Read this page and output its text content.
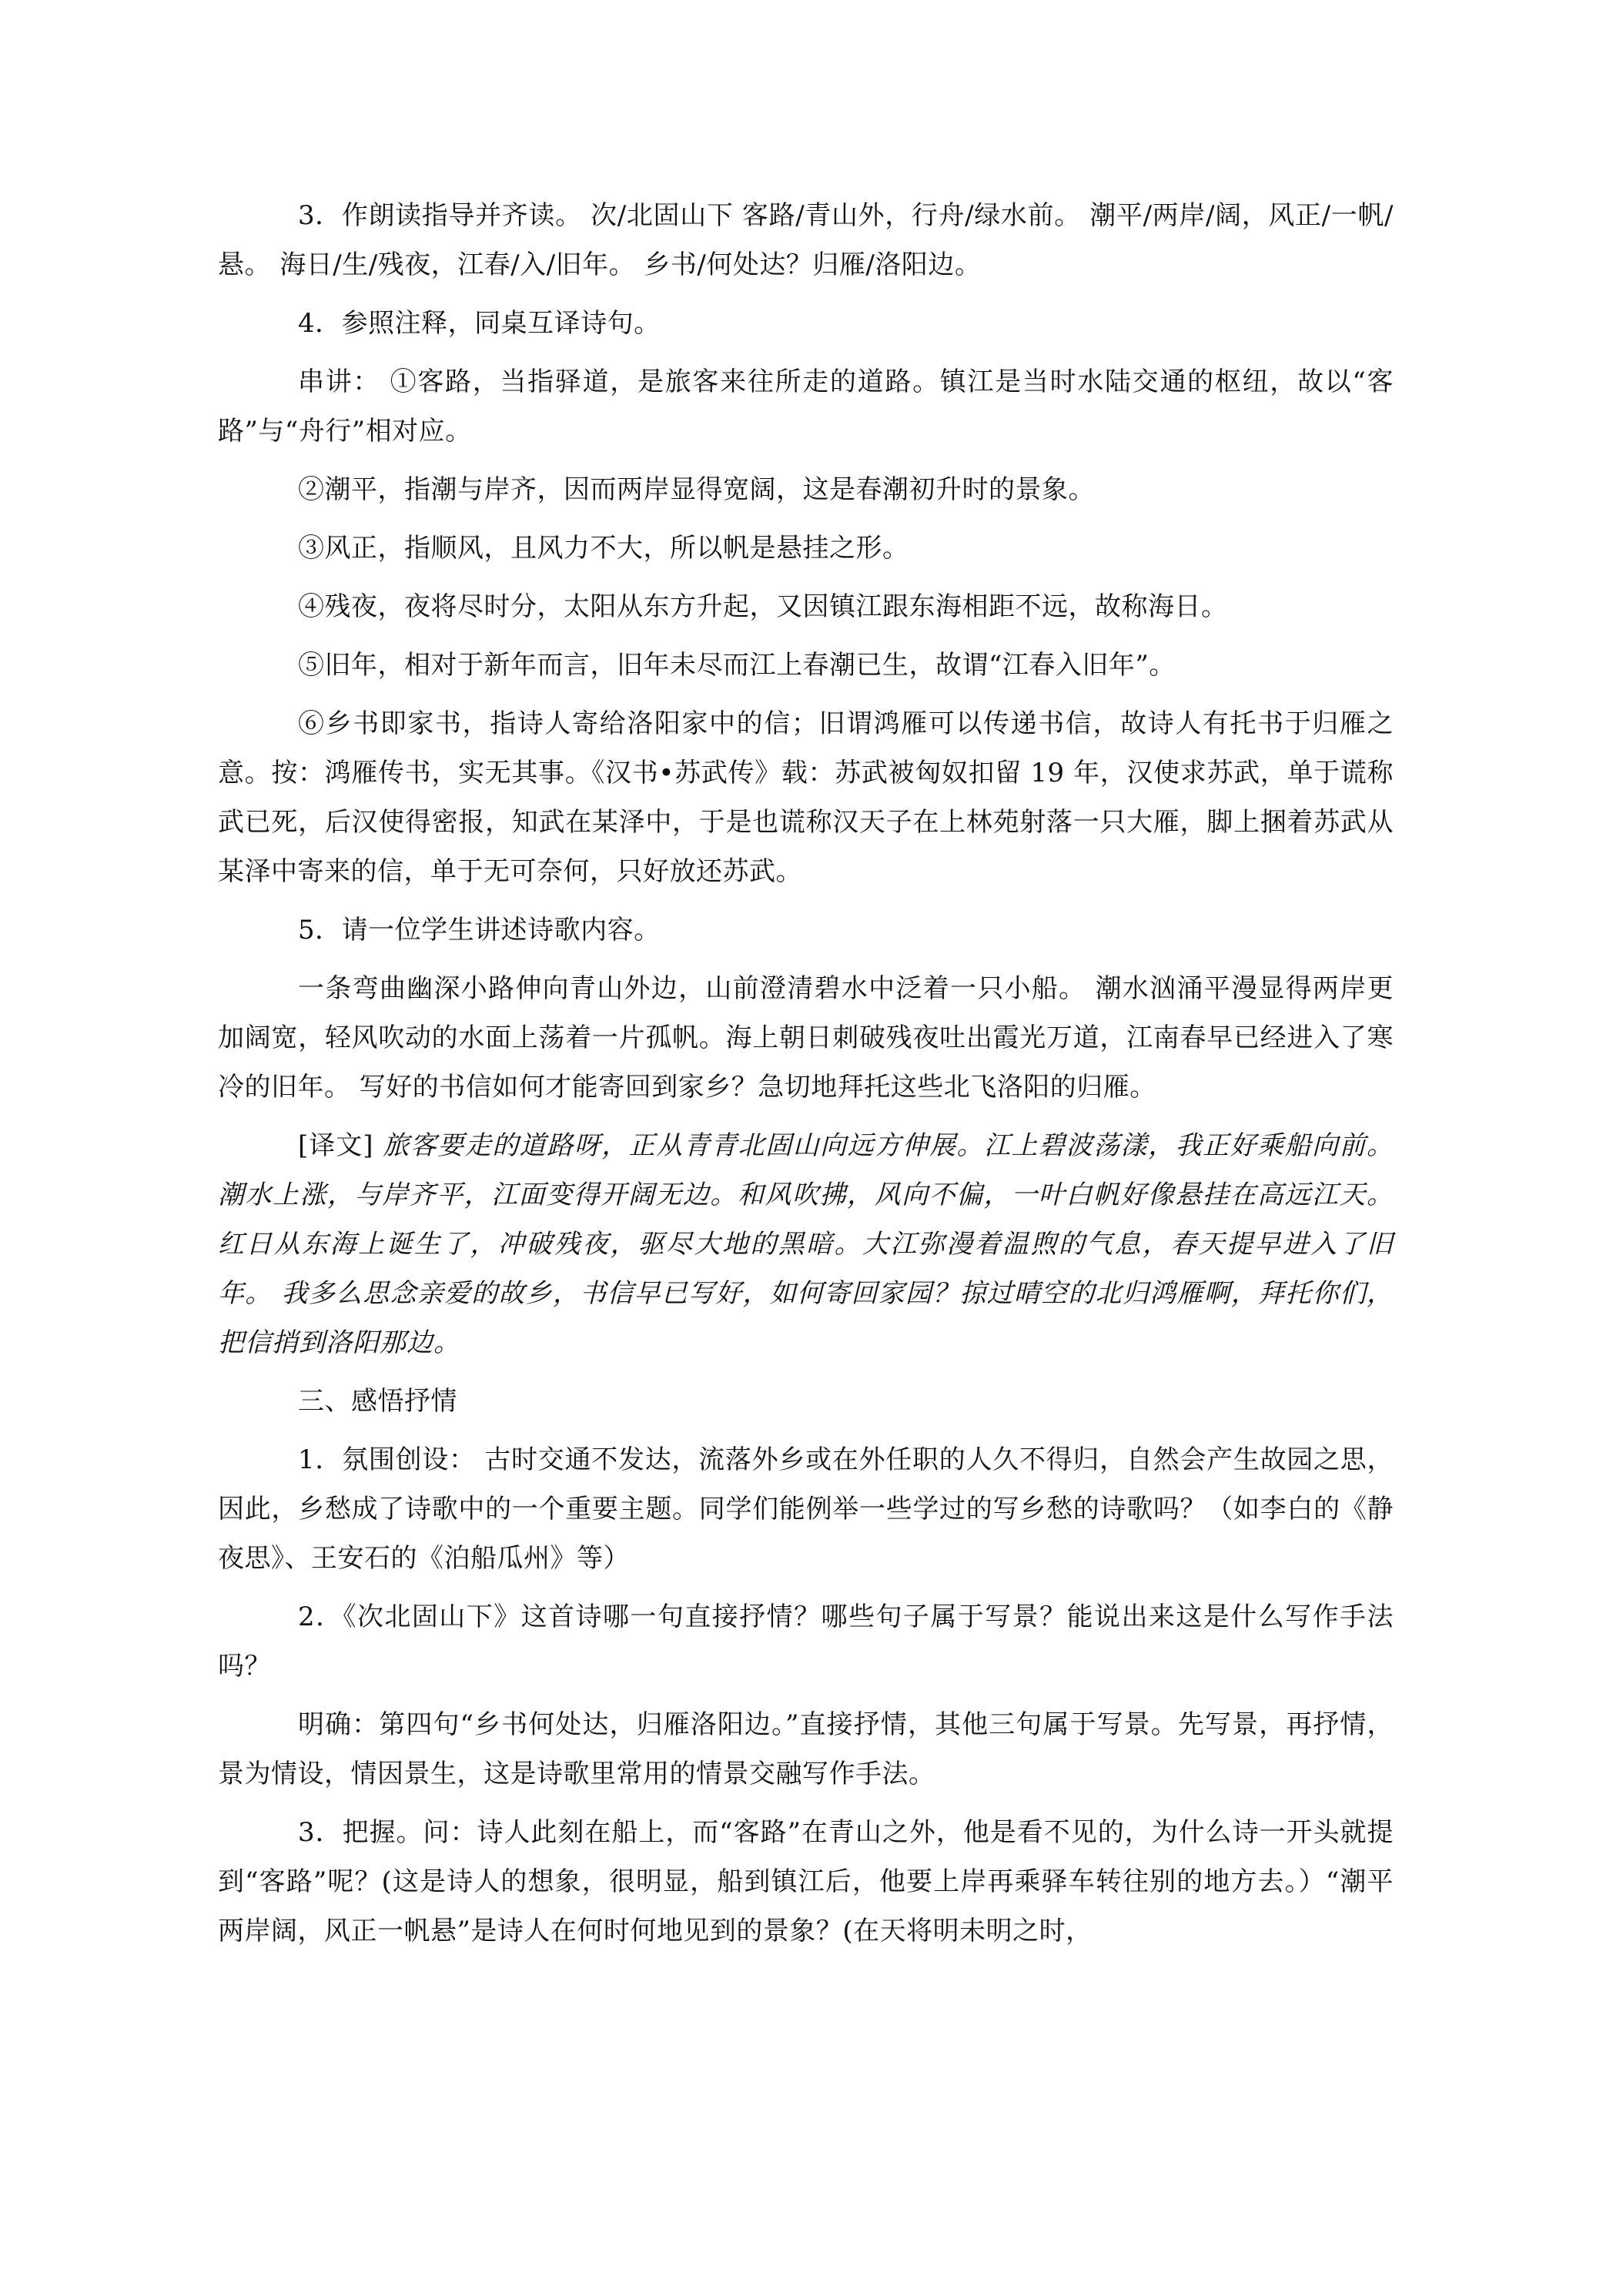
3．作朗读指导并齐读。 次/北固山下 客路/青山外，行舟/绿水前。 潮平/两岸/阔，风正/一帆/悬。 海日/生/残夜，江春/入/旧年。 乡书/何处达？归雁/洛阳边。

4．参照注释，同桌互译诗句。

串讲： ①客路，当指驿道，是旅客来往所走的道路。镇江是当时水陆交通的枢纽，故以“客路”与“舟行”相对应。

②潮平，指潮与岸齐，因而两岸显得宽阔，这是春潮初升时的景象。

③风正，指顺风，且风力不大，所以帆是悬挂之形。

④残夜，夜将尽时分，太阳从东方升起，又因镇江跟东海相距不远，故称海日。

⑤旧年，相对于新年而言，旧年未尽而江上春潮已生，故谓“江春入旧年”。

⑥乡书即家书，指诗人寄给洛阳家中的信；旧谓鸿雁可以传递书信，故诗人有托书于归雁之意。按：鸿雁传书，实无其事。《汉书•苏武传》载：苏武被匈奴扣留 19 年，汉使求苏武，单于谎称武已死，后汉使得密报，知武在某泽中，于是也谎称汉天子在上林苑射落一只大雁，脚上捆着苏武从某泽中寄来的信，单于无可奈何，只好放还苏武。

5．请一位学生讲述诗歌内容。

一条弯曲幽深小路伸向青山外边，山前澄清碧水中泛着一只小船。 潮水汹涌平漫显得两岸更加阔宽，轻风吹动的水面上荡着一片孤帆。海上朝日刺破残夜吐出霞光万道，江南春早已经进入了寒冷的旧年。 写好的书信如何才能寄回到家乡？急切地拜托这些北飞洛阳的归雁。

[译文] 旅客要走的道路呀，正从青青北固山向远方伸展。江上碧波荡漾，我正好乘船向前。 潮水上涨，与岸齐平，江面变得开阔无边。和风吹拂，风向不偏，一叶白帆好像悬挂在高远江天。 红日从东海上诞生了，冲破残夜，驱尽大地的黑暗。大江弥漫着温煦的气息，春天提早进入了旧年。 我多么思念亲爱的故乡，书信早已写好，如何寄回家园？掠过晴空的北归鸿雁啊，拜托你们，把信捎到洛阳那边。

三、感悟抒情

1．氛围创设： 古时交通不发达，流落外乡或在外任职的人久不得归，自然会产生故园之思，因此，乡愁成了诗歌中的一个重要主题。同学们能例举一些学过的写乡愁的诗歌吗？（如李白的《静夜思》、王安石的《泊船瓜州》等）

2．《次北固山下》这首诗哪一句直接抒情？哪些句子属于写景？能说出来这是什么写作手法吗？

明确：第四句“乡书何处达，归雁洛阳边。”直接抒情，其他三句属于写景。先写景，再抒情，景为情设，情因景生，这是诗歌里常用的情景交融写作手法。

3．把握。问：诗人此刻在船上，而“客路”在青山之外，他是看不见的，为什么诗一开头就提到“客路”呢？(这是诗人的想象，很明显，船到镇江后，他要上岸再乘驿车转往别的地方去。）“潮平两岸阔，风正一帆悬”是诗人在何时何地见到的景象？(在天将明未明之时，
